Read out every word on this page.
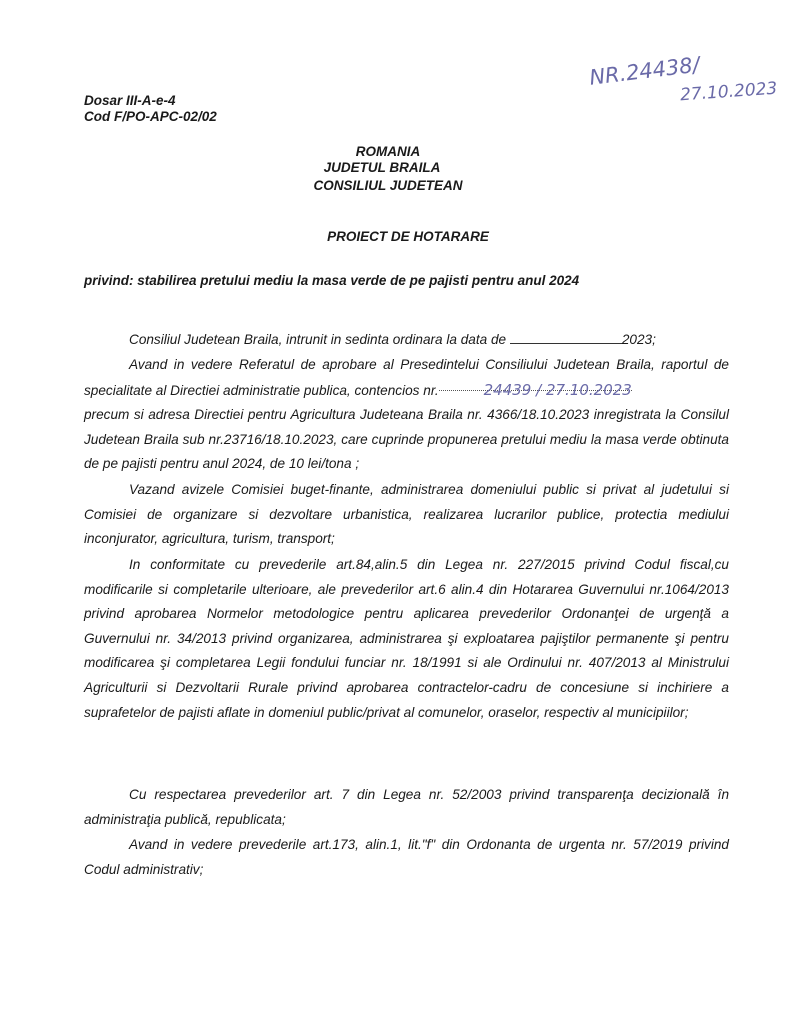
NR.24438/
27.10.2023
Dosar III-A-e-4
Cod F/PO-APC-02/02
ROMANIA
JUDETUL BRAILA
CONSILIUL JUDETEAN
PROIECT DE HOTARARE
privind: stabilirea pretului mediu la masa verde de pe pajisti pentru anul 2024
Consiliul Judetean Braila, intrunit in sedinta ordinara la data de	2023;
Avand in vedere Referatul de aprobare al Presedintelui Consiliului Judetean Braila, raportul de specialitate al Directiei administratie publica, contencios nr.	24439 / 27.10.2023
precum si adresa Directiei pentru Agricultura Judeteana Braila nr. 4366/18.10.2023 inregistrata la Consilul Judetean Braila sub nr.23716/18.10.2023, care cuprinde propunerea pretului mediu la masa verde obtinuta de pe pajisti pentru anul 2024, de 10 lei/tona ;
Vazand avizele Comisiei buget-finante, administrarea domeniului public si privat al judetului si Comisiei de organizare si dezvoltare urbanistica, realizarea lucrarilor publice, protectia mediului inconjurator, agricultura, turism, transport;
In conformitate cu prevederile art.84,alin.5 din Legea nr. 227/2015 privind Codul fiscal,cu modificarile si completarile ulterioare, ale prevederilor art.6 alin.4 din Hotararea Guvernului nr.1064/2013 privind aprobarea Normelor metodologice pentru aplicarea prevederilor Ordonanţei de urgenţă a Guvernului nr. 34/2013 privind organizarea, administrarea şi exploatarea pajiştilor permanente şi pentru modificarea şi completarea Legii fondului funciar nr. 18/1991 si ale Ordinului nr. 407/2013 al Ministrului Agriculturii si Dezvoltarii Rurale privind aprobarea contractelor-cadru de concesiune si inchiriere a suprafetelor de pajisti aflate in domeniul public/privat al comunelor, oraselor, respectiv al municipiilor;
Cu respectarea prevederilor art. 7 din Legea nr. 52/2003 privind transparenţa decizională în administraţia publică, republicata;
Avand in vedere prevederile art.173, alin.1, lit."f" din Ordonanta de urgenta nr. 57/2019 privind Codul administrativ;
